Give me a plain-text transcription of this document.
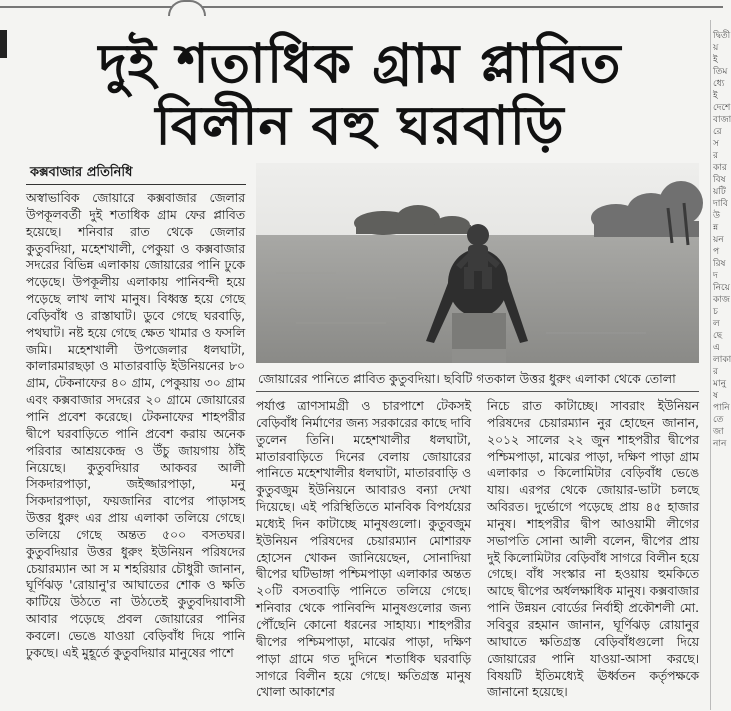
দুই শতাধিক গ্রাম প্লাবিত
বিলীন বহু ঘরবাড়ি
কক্সবাজার প্রতিনিধি

অস্বাভাবিক জোয়ারে কক্সবাজার জেলার উপকূলবর্তী দুই শতাধিক গ্রাম ফের প্লাবিত হয়েছে। শনিবার রাত থেকে জেলার কুতুবদিয়া, মহেশখালী, পেকুয়া ও কক্সবাজার সদরের বিভিন্ন এলাকায় জোয়ারের পানি ঢুকে পড়েছে। উপকূলীয় এলাকায় পানিবন্দী হয়ে পড়েছে লাখ লাখ মানুষ। বিধ্বস্ত হয়ে গেছে বেড়িবাঁধ ও রাস্তাঘাট। ডুবে গেছে ঘরবাড়ি, পথঘাট। নষ্ট হয়ে গেছে ক্ষেত খামার ও ফসলি জমি। মহেশখালী উপজেলার ধলঘাটা, কালারমারছড়া ও মাতারবাড়ি ইউনিয়নের ৮০ গ্রাম, টেকনাফের ৪০ গ্রাম, পেকুয়ায় ৩০ গ্রাম এবং কক্সবাজার সদরের ২০ গ্রামে জোয়ারের পানি প্রবেশ করেছে। টেকনাফের শাহপরীর দ্বীপে ঘরবাড়িতে পানি প্রবেশ করায় অনেক পরিবার আশ্রয়কেন্দ্র ও উঁচু জায়গায় ঠাঁই নিয়েছে। কুতুবদিয়ার আকবর আলী সিকদারপাড়া, জইজ্জারপাড়া, মনু সিকদারপাড়া, ফয়জানির বাপের পাড়াসহ উত্তর ধুরুং এর প্রায় এলাকা তলিয়ে গেছে। তলিয়ে গেছে অন্তত ৫০০ বসতঘর। কুতুবদিয়ার উত্তর ধুরুং ইউনিয়ন পরিষদের চেয়ারম্যান আ স ম শহরিয়ার চৌধুরী জানান, ঘূর্ণিঝড় 'রোয়ানু'র আঘাতের শোক ও ক্ষতি কাটিয়ে উঠতে না উঠতেই কুতুবদিয়াবাসী আবার পড়েছে প্রবল জোয়ারের পানির কবলে। ভেঙে যাওয়া বেড়িবাঁধ দিয়ে পানি ঢুকছে। এই মুহূর্তে কুতুবদিয়ার মানুষের পাশে

জোয়ারের পানিতে প্লাবিত কুতুবদিয়া। ছবিটি গতকাল উত্তর ধুরুং এলাকা থেকে তোলা

পর্যাপ্ত ত্রাণসামগ্রী ও চারপাশে টেকসই বেড়িবাঁধ নির্মাণের জন্য সরকারের কাছে দাবি তুলেন তিনি। মহেশখালীর ধলঘাটা, মাতারবাড়িতে দিনের বেলায় জোয়ারের পানিতে মহেশখালীর ধলঘাটা, মাতারবাড়ি ও কুতুবজুম ইউনিয়নে আবারও বন্যা দেখা দিয়েছে। এই পরিস্থিতিতে মানবিক বিপর্যয়ের মধ্যেই দিন কাটাচ্ছে মানুষগুলো। কুতুবজুম ইউনিয়ন পরিষদের চেয়ারম্যান মোশারফ হোসেন খোকন জানিয়েছেন, সোনাদিয়া দ্বীপের ঘটিভাঙ্গা পশ্চিমপাড়া এলাকার অন্তত ২০টি বসতবাড়ি পানিতে তলিয়ে গেছে। শনিবার থেকে পানিবন্দি মানুষগুলোর জন্য পৌঁছেনি কোনো ধরনের সাহায্য। শাহপরীর দ্বীপের পশ্চিমপাড়া, মাঝের পাড়া, দক্ষিণ পাড়া গ্রামে গত দুদিনে শতাধিক ঘরবাড়ি সাগরে বিলীন হয়ে গেছে। ক্ষতিগ্রস্ত মানুষ খোলা আকাশের

নিচে রাত কাটাচ্ছে। সাবরাং ইউনিয়ন পরিষদের চেয়ারম্যান নুর হোছেন জানান, ২০১২ সালের ২২ জুন শাহপরীর দ্বীপের পশ্চিমপাড়া, মাঝের পাড়া, দক্ষিণ পাড়া গ্রাম এলাকার ৩ কিলোমিটার বেড়িবাঁধ ভেঙে যায়। এরপর থেকে জোয়ার-ভাটা চলছে অবিরত। দুর্ভোগে পড়েছে প্রায় ৪৫ হাজার মানুষ। শাহপরীর দ্বীপ আওয়ামী লীগের সভাপতি সোনা আলী বলেন, দ্বীপের প্রায় দুই কিলোমিটার বেড়িবাঁধ সাগরে বিলীন হয়ে গেছে। বাঁধ সংস্কার না হওয়ায় হুমকিতে আছে দ্বীপের অর্ধলক্ষাধিক মানুষ। কক্সবাজার পানি উন্নয়ন বোর্ডের নির্বাহী প্রকৌশলী মো. সবিবুর রহমান জানান, ঘূর্ণিঝড় রোয়ানুর আঘাতে ক্ষতিগ্রস্ত বেড়িবাঁধগুলো দিয়ে জোয়ারের পানি যাওয়া-আসা করছে। বিষয়টি ইতিমধ্যেই ঊর্ধ্বতন কর্তৃপক্ষকে জানানো হয়েছে।

দ্বিতীয় ইতিমধ্যেই দেশে বাজারে সরকার বিষয়টি দাবি উন্নয়ন পরিষদ নিয়ে কাজ চলছে এলাকার মানুষ পানিতে জানান
